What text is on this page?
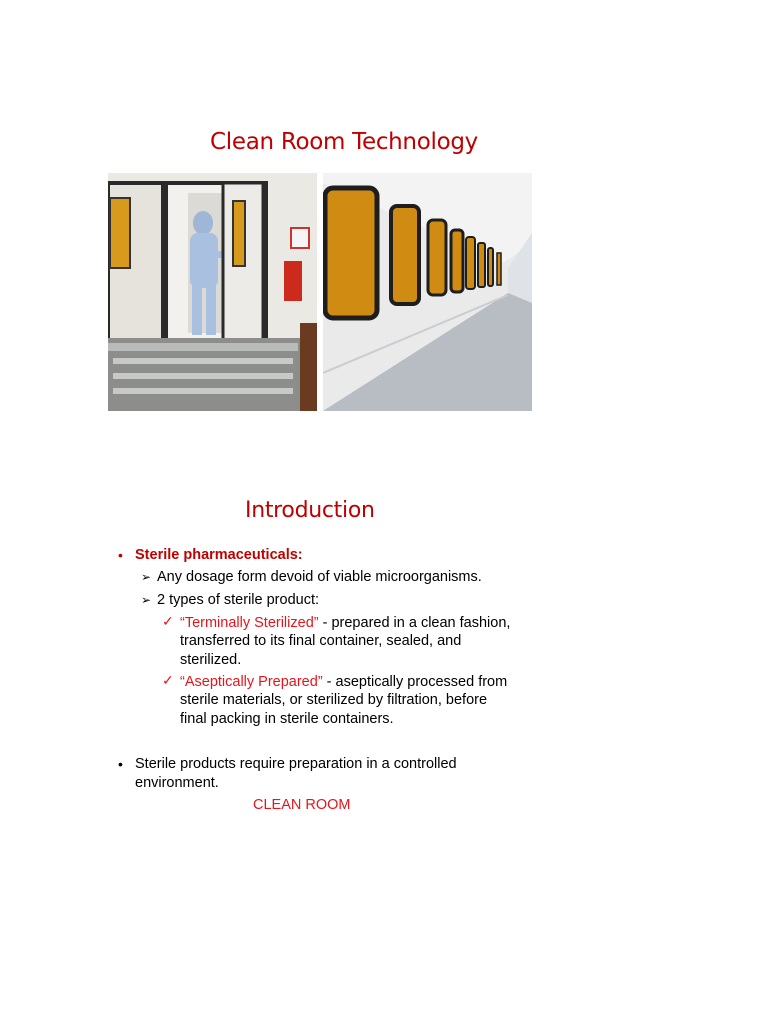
Clean Room Technology
Introduction
• Sterile pharmaceuticals:
➢ Any dosage form devoid of viable microorganisms.
➢ 2 types of sterile product:
✓ “Terminally Sterilized” - prepared in a clean fashion,
transferred to its final container, sealed, and
sterilized.
✓ “Aseptically Prepared” - aseptically processed from
sterile materials, or sterilized by filtration, before
final packing in sterile containers.
• Sterile products require preparation in a controlled
environment.
CLEAN ROOM
